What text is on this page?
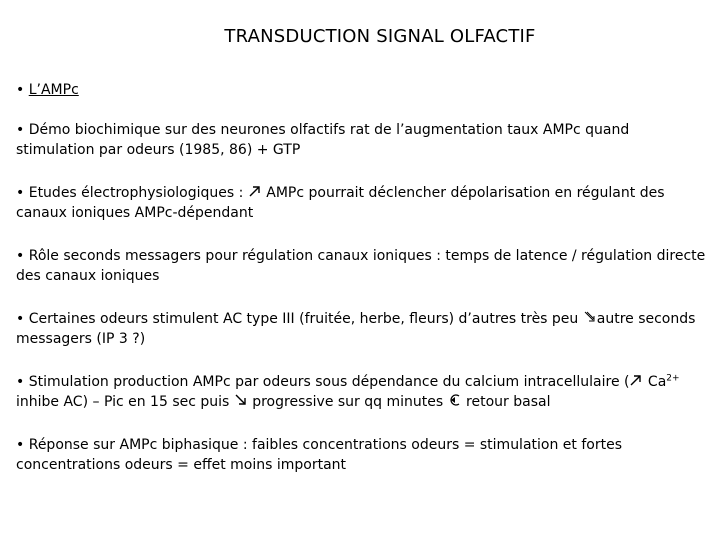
TRANSDUCTION SIGNAL OLFACTIF

• L’AMPc

• Démo biochimique sur des neurones olfactifs rat de l’augmentation taux AMPc quand stimulation par odeurs (1985, 86) + GTP

• Etudes électrophysiologiques :
AMPc pourrait déclencher dépolarisation en régulant des canaux ioniques AMPc-dépendant

• Rôle seconds messagers pour régulation canaux ioniques : temps de latence / régulation directe des canaux ioniques

• Certaines odeurs stimulent AC type III (fruitée, herbe, fleurs) d’autres très peu
autre seconds messagers (IP 3 ?)

• Stimulation production AMPc par odeurs sous dépendance du calcium intracellulaire (
$Ca^{2+}$ inhibe AC) – Pic en 15 sec puis
progressive sur qq minutes
retour basal

• Réponse sur AMPc biphasique : faibles concentrations odeurs = stimulation et fortes concentrations odeurs = effet moins important
